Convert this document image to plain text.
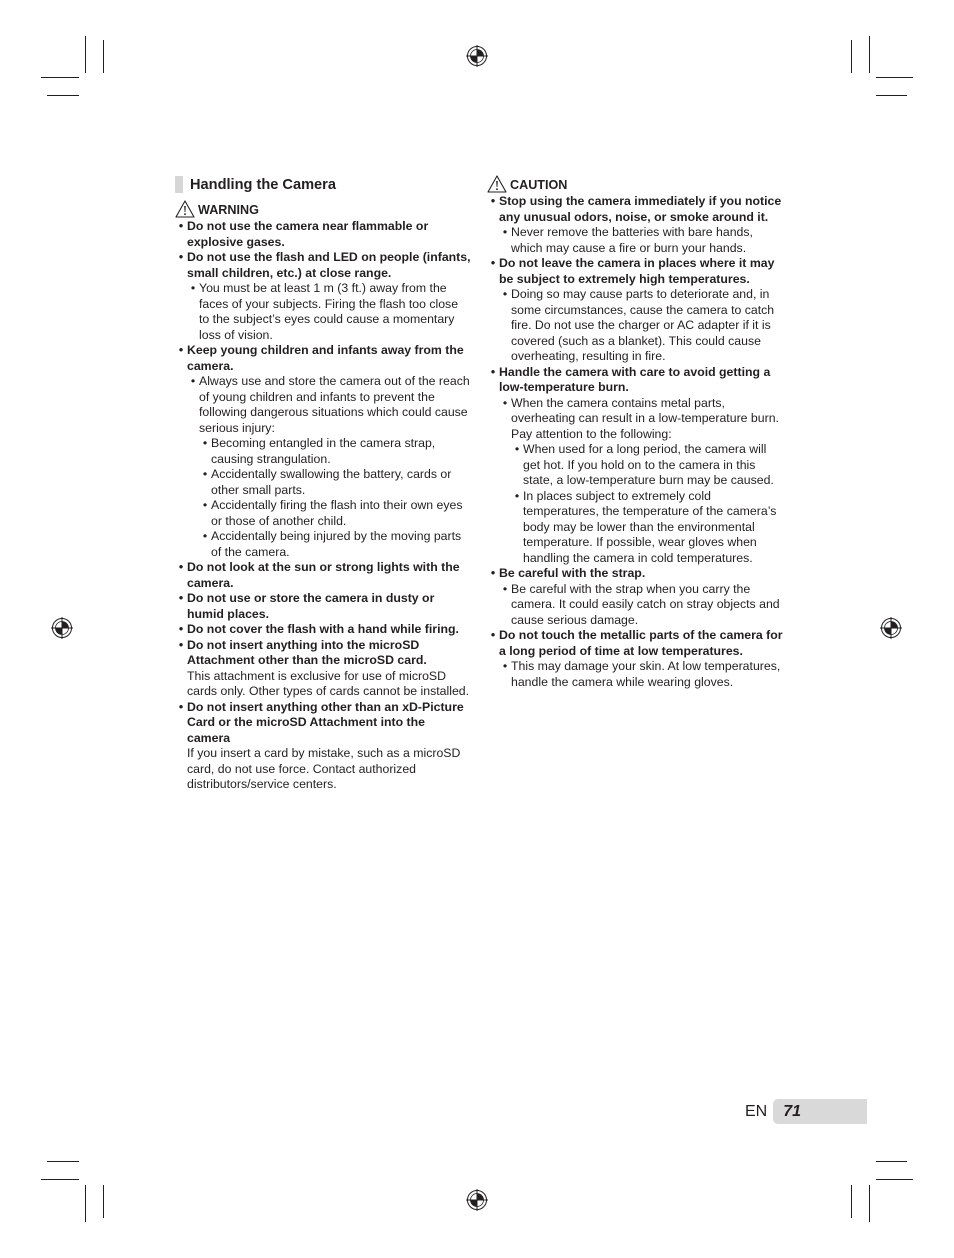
Handling the Camera
WARNING
• Do not use the camera near flammable or explosive gases.
• Do not use the flash and LED on people (infants, small children, etc.) at close range.
• You must be at least 1 m (3 ft.) away from the faces of your subjects. Firing the flash too close to the subject’s eyes could cause a momentary loss of vision.
• Keep young children and infants away from the camera.
• Always use and store the camera out of the reach of young children and infants to prevent the following dangerous situations which could cause serious injury:
• Becoming entangled in the camera strap, causing strangulation.
• Accidentally swallowing the battery, cards or other small parts.
• Accidentally firing the flash into their own eyes or those of another child.
• Accidentally being injured by the moving parts of the camera.
• Do not look at the sun or strong lights with the camera.
• Do not use or store the camera in dusty or humid places.
• Do not cover the flash with a hand while firing.
• Do not insert anything into the microSD Attachment other than the microSD card.
This attachment is exclusive for use of microSD cards only. Other types of cards cannot be installed.
• Do not insert anything other than an xD-Picture Card or the microSD Attachment into the camera
If you insert a card by mistake, such as a microSD card, do not use force. Contact authorized distributors/service centers.
CAUTION
• Stop using the camera immediately if you notice any unusual odors, noise, or smoke around it.
• Never remove the batteries with bare hands, which may cause a fire or burn your hands.
• Do not leave the camera in places where it may be subject to extremely high temperatures.
• Doing so may cause parts to deteriorate and, in some circumstances, cause the camera to catch fire. Do not use the charger or AC adapter if it is covered (such as a blanket). This could cause overheating, resulting in fire.
• Handle the camera with care to avoid getting a low-temperature burn.
• When the camera contains metal parts, overheating can result in a low-temperature burn. Pay attention to the following:
• When used for a long period, the camera will get hot. If you hold on to the camera in this state, a low-temperature burn may be caused.
• In places subject to extremely cold temperatures, the temperature of the camera’s body may be lower than the environmental temperature. If possible, wear gloves when handling the camera in cold temperatures.
• Be careful with the strap.
• Be careful with the strap when you carry the camera. It could easily catch on stray objects and cause serious damage.
• Do not touch the metallic parts of the camera for a long period of time at low temperatures.
• This may damage your skin. At low temperatures, handle the camera while wearing gloves.
EN 71
